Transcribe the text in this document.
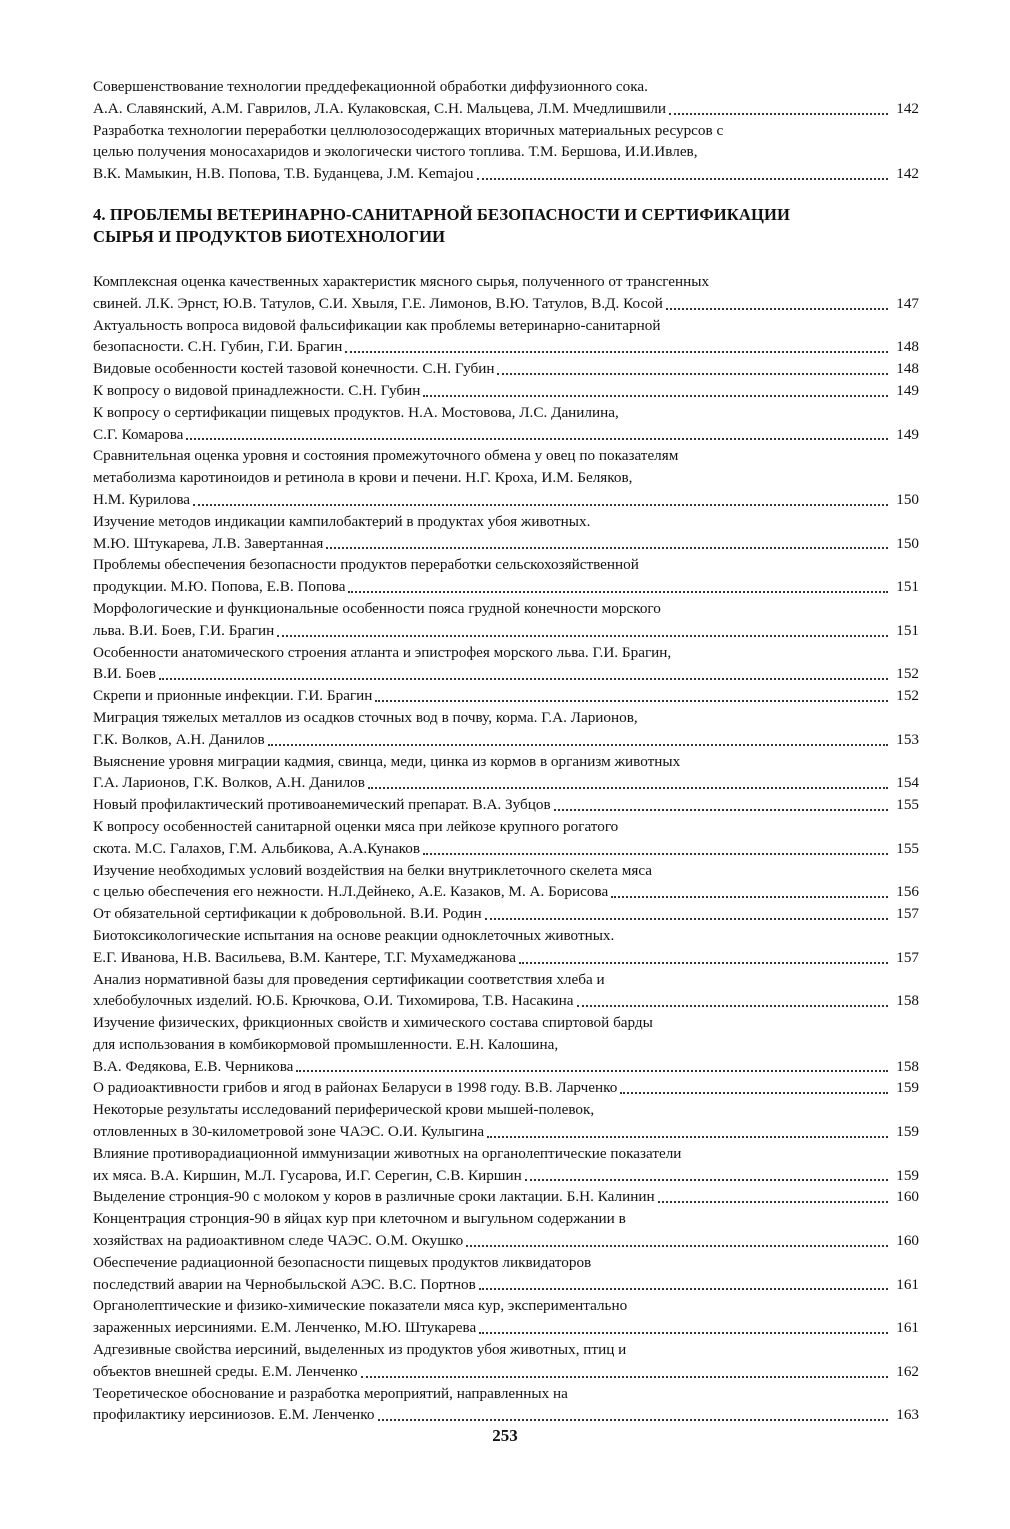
Совершенствование технологии преддефекационной обработки диффузионного сока.
А.А. Славянский, А.М. Гаврилов, Л.А. Кулаковская, С.Н. Мальцева, Л.М. Мчедлишвили	142
Разработка технологии переработки целлюлозосодержащих вторичных материальных ресурсов с
целью получения моносахаридов и экологически чистого топлива. Т.М. Бершова, И.И.Ивлев,
В.К. Мамыкин, Н.В. Попова, Т.В. Буданцева, J.M. Kemajou	142
4. ПРОБЛЕМЫ ВЕТЕРИНАРНО-САНИТАРНОЙ БЕЗОПАСНОСТИ И СЕРТИФИКАЦИИ
СЫРЬЯ И ПРОДУКТОВ БИОТЕХНОЛОГИИ
Комплексная оценка качественных характеристик мясного сырья, полученного от трансгенных
свиней. Л.К. Эрнст, Ю.В. Татулов, С.И. Хвыля, Г.Е. Лимонов, В.Ю. Татулов, В.Д. Косой	147
Актуальность вопроса видовой фальсификации как проблемы ветеринарно-санитарной
безопасности. С.Н. Губин, Г.И. Брагин	148
Видовые особенности костей тазовой конечности. С.Н. Губин	148
К вопросу о видовой принадлежности. С.Н. Губин	149
К вопросу о сертификации пищевых продуктов. Н.А. Мостовова, Л.С. Данилина,
С.Г. Комарова	149
Сравнительная оценка уровня и состояния промежуточного обмена у овец по показателям
метаболизма каротиноидов и ретинола в крови и печени. Н.Г. Кроха, И.М. Беляков,
Н.М. Курилова	150
Изучение методов индикации кампилобактерий в продуктах убоя животных.
М.Ю. Штукарева, Л.В. Завертанная	150
Проблемы обеспечения безопасности продуктов переработки сельскохозяйственной
продукции. М.Ю. Попова, Е.В. Попова	151
Морфологические и функциональные особенности пояса грудной конечности морского
льва. В.И. Боев, Г.И. Брагин	151
Особенности анатомического строения атланта и эпистрофея морского льва. Г.И. Брагин,
В.И. Боев	152
Скрепи и прионные инфекции. Г.И. Брагин	152
Миграция тяжелых металлов из осадков сточных вод в почву, корма. Г.А. Ларионов,
Г.К. Волков, А.Н. Данилов	153
Выяснение уровня миграции кадмия, свинца, меди, цинка из кормов в организм животных
Г.А. Ларионов, Г.К. Волков, А.Н. Данилов	154
Новый профилактический противоанемический препарат. В.А. Зубцов	155
К вопросу особенностей санитарной оценки мяса при лейкозе крупного рогатого
скота. М.С. Галахов, Г.М. Альбикова, А.А.Кунаков	155
Изучение необходимых условий воздействия на белки внутриклеточного скелета мяса
с целью обеспечения его нежности. Н.Л.Дейнеко, А.Е. Казаков, М. А. Борисова	156
От обязательной сертификации к добровольной. В.И. Родин	157
Биотоксикологические испытания на основе реакции одноклеточных животных.
Е.Г. Иванова, Н.В. Васильева, В.М. Кантере, Т.Г. Мухамеджанова	157
Анализ нормативной базы для проведения сертификации соответствия хлеба и
хлебобулочных изделий. Ю.Б. Крючкова, О.И. Тихомирова, Т.В. Насакина	158
Изучение физических, фрикционных свойств и химического состава спиртовой барды
для использования в комбикормовой промышленности. Е.Н. Калошина,
В.А. Федякова, Е.В. Черникова	158
О радиоактивности грибов и ягод в районах Беларуси в 1998 году. В.В. Ларченко	159
Некоторые результаты исследований периферической крови мышей-полевок,
отловленных в 30-километровой зоне ЧАЭС. О.И. Кулыгина	159
Влияние противорадиационной иммунизации животных на органолептические показатели
их мяса. В.А. Киршин, М.Л. Гусарова, И.Г. Серегин, С.В. Киршин	159
Выделение стронция-90 с молоком у коров в различные сроки лактации. Б.Н. Калинин	160
Концентрация стронция-90 в яйцах кур при клеточном и выгульном содержании в
хозяйствах на радиоактивном следе ЧАЭС. О.М. Окушко	160
Обеспечение радиационной безопасности пищевых продуктов ликвидаторов
последствий аварии на Чернобыльской АЭС. В.С. Портнов	161
Органолептические и физико-химические показатели мяса кур, экспериментально
зараженных иерсиниями. Е.М. Ленченко, М.Ю. Штукарева	161
Адгезивные свойства иерсиний, выделенных из продуктов убоя животных, птиц и
объектов внешней среды. Е.М. Ленченко	162
Теоретическое обоснование и разработка мероприятий, направленных на
профилактику иерсиниозов. Е.М. Ленченко	163
253
